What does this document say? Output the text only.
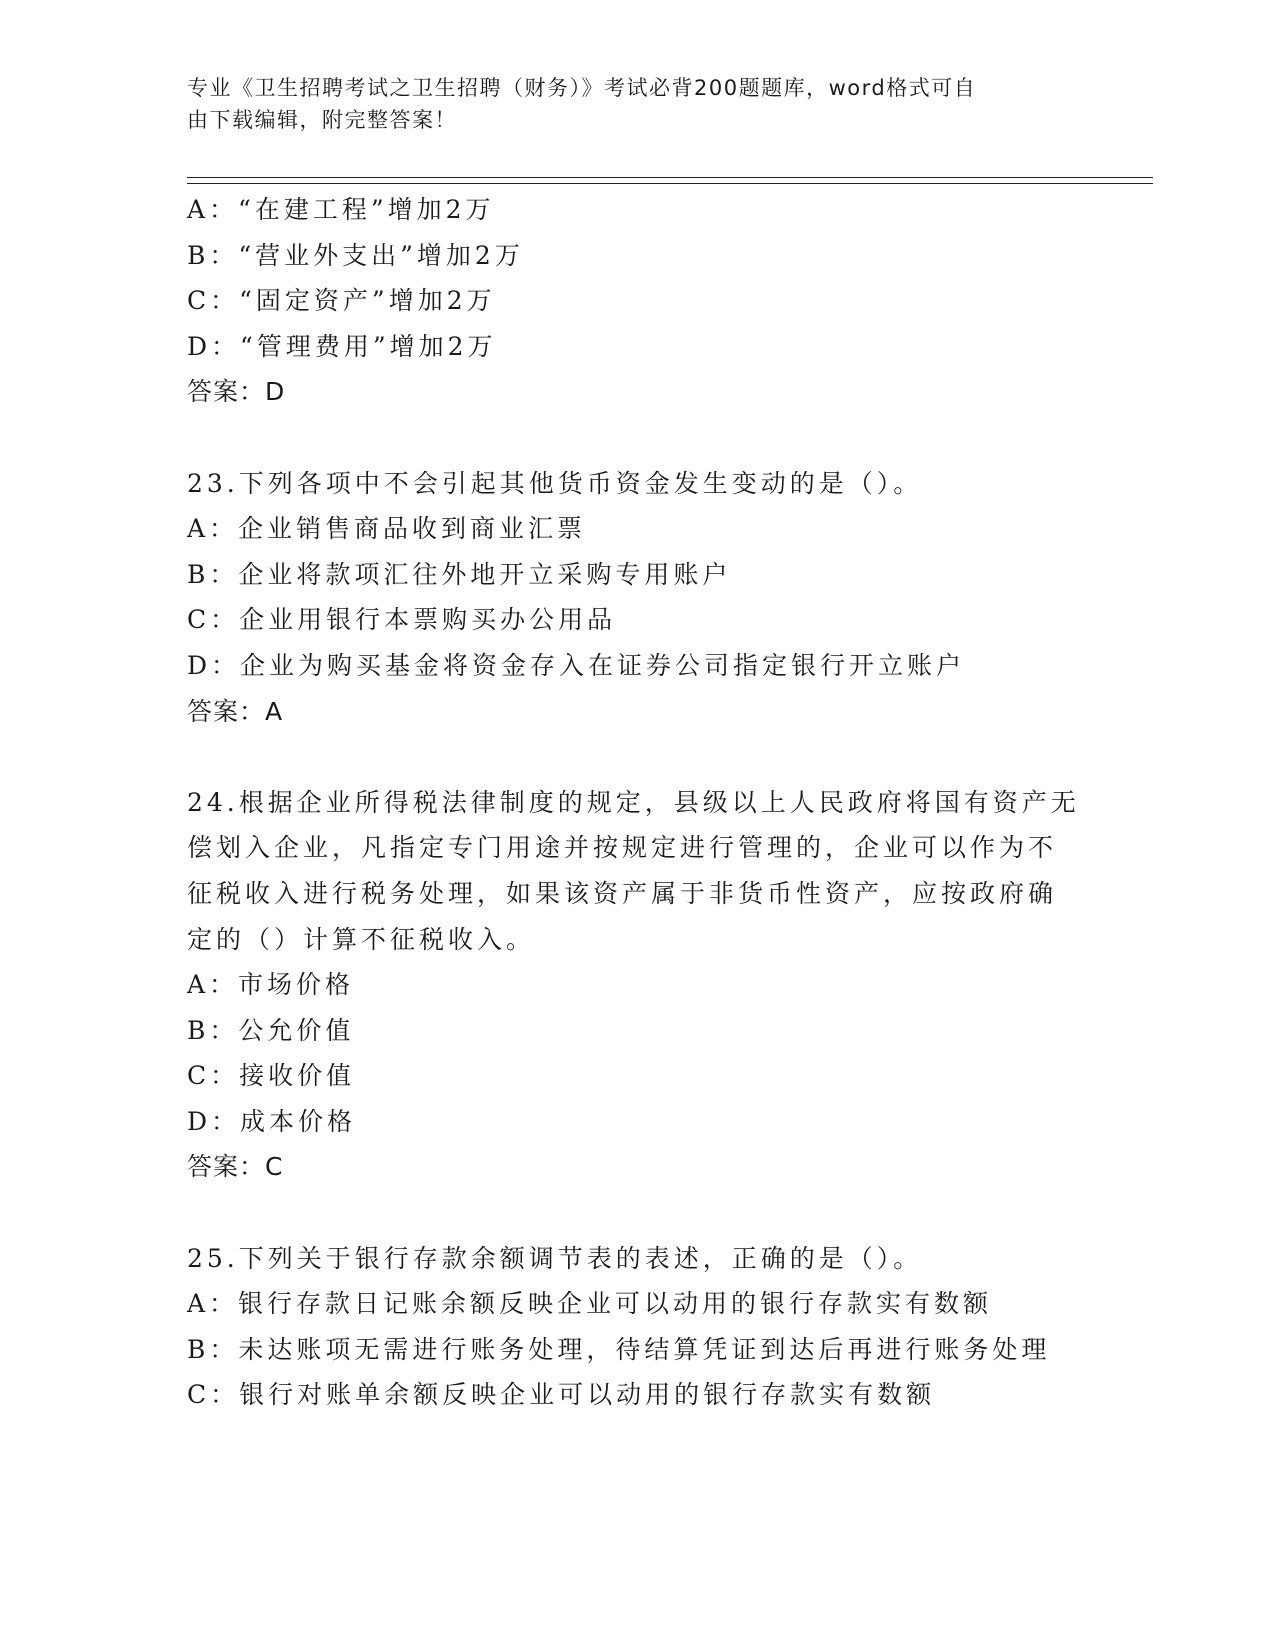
专业《卫生招聘考试之卫生招聘（财务）》考试必背200题题库，word格式可自
由下载编辑，附完整答案！
A：“在建工程”增加2万
B：“营业外支出”增加2万
C：“固定资产”增加2万
D：“管理费用”增加2万
答案：D
23.下列各项中不会引起其他货币资金发生变动的是（）。
A：企业销售商品收到商业汇票
B：企业将款项汇往外地开立采购专用账户
C：企业用银行本票购买办公用品
D：企业为购买基金将资金存入在证券公司指定银行开立账户
答案：A
24.根据企业所得税法律制度的规定，县级以上人民政府将国有资产无
偿划入企业，凡指定专门用途并按规定进行管理的，企业可以作为不
征税收入进行税务处理，如果该资产属于非货币性资产，应按政府确
定的（）计算不征税收入。
A：市场价格
B：公允价值
C：接收价值
D：成本价格
答案：C
25.下列关于银行存款余额调节表的表述，正确的是（）。
A：银行存款日记账余额反映企业可以动用的银行存款实有数额
B：未达账项无需进行账务处理，待结算凭证到达后再进行账务处理
C：银行对账单余额反映企业可以动用的银行存款实有数额
